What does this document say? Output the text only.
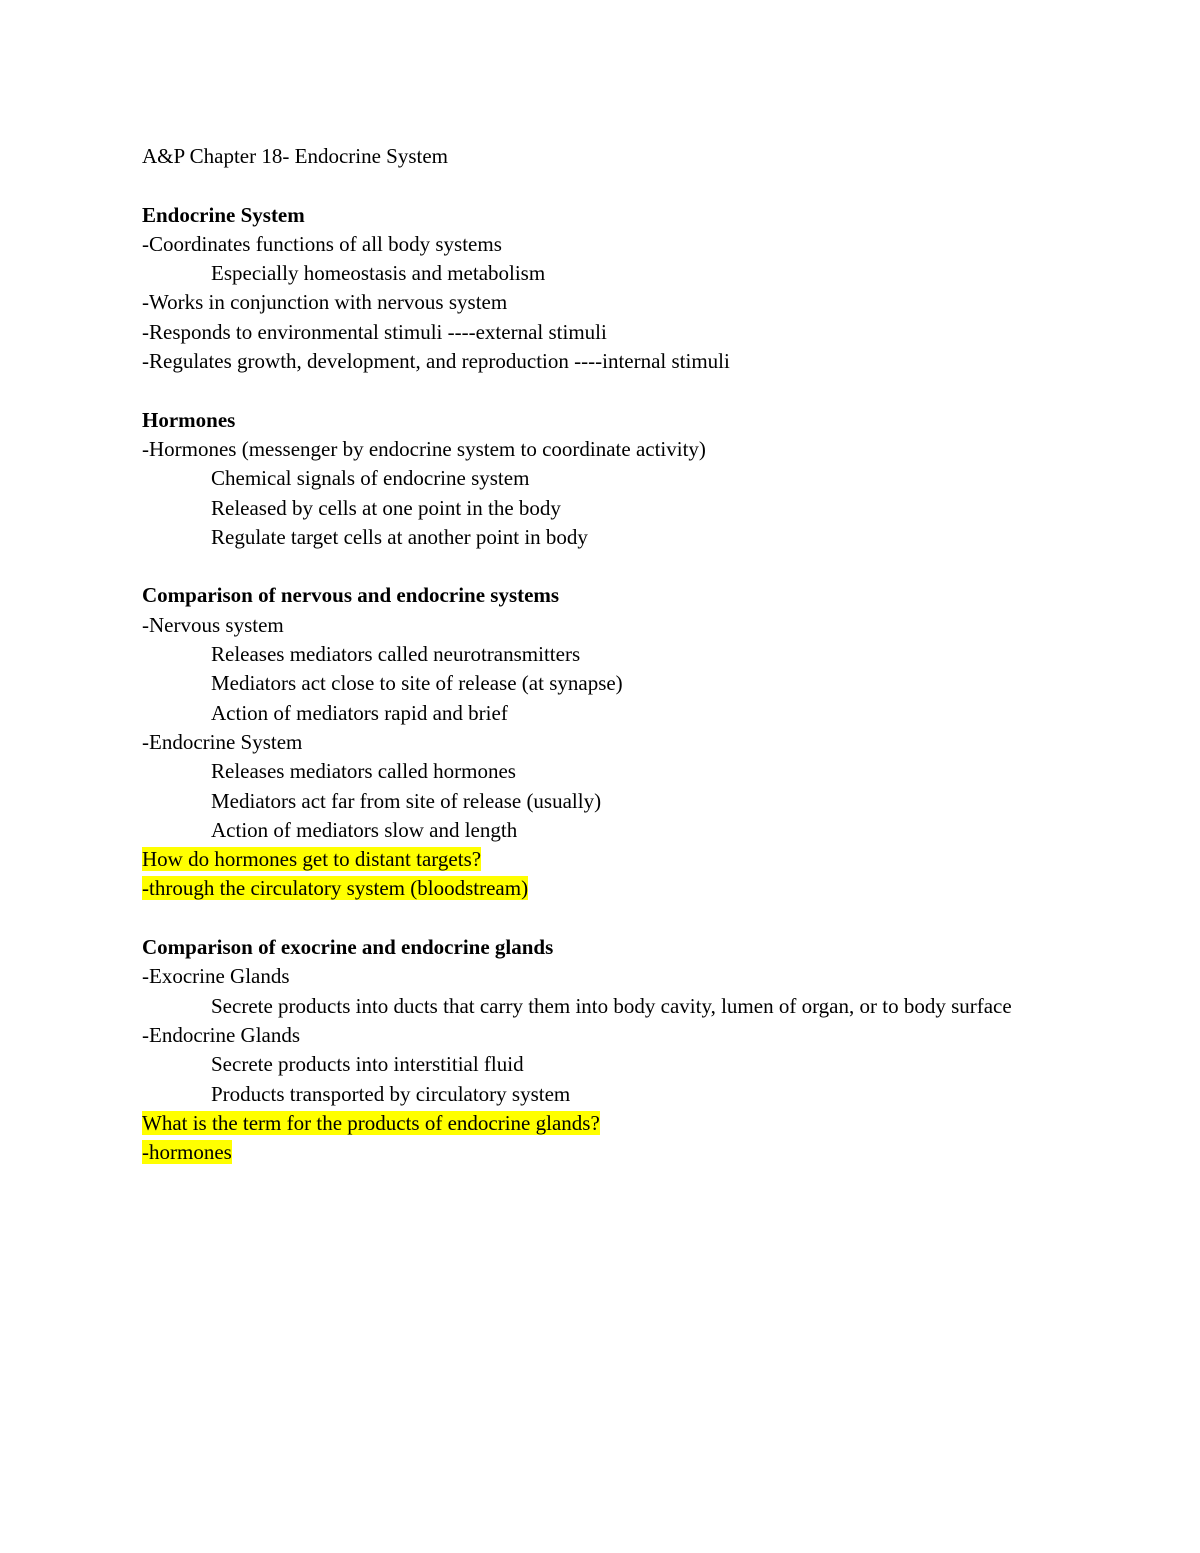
A&P Chapter 18- Endocrine System
Endocrine System
-Coordinates functions of all body systems
Especially homeostasis and metabolism
-Works in conjunction with nervous system
-Responds to environmental stimuli ----external stimuli
-Regulates growth, development, and reproduction ----internal stimuli
Hormones
-Hormones (messenger by endocrine system to coordinate activity)
Chemical signals of endocrine system
Released by cells at one point in the body
Regulate target cells at another point in body
Comparison of nervous and endocrine systems
-Nervous system
Releases mediators called neurotransmitters
Mediators act close to site of release (at synapse)
Action of mediators rapid and brief
-Endocrine System
Releases mediators called hormones
Mediators act far from site of release (usually)
Action of mediators slow and length
How do hormones get to distant targets?
-through the circulatory system (bloodstream)
Comparison of exocrine and endocrine glands
-Exocrine Glands
Secrete products into ducts that carry them into body cavity, lumen of organ, or to body surface
-Endocrine Glands
Secrete products into interstitial fluid
Products transported by circulatory system
What is the term for the products of endocrine glands?
-hormones
